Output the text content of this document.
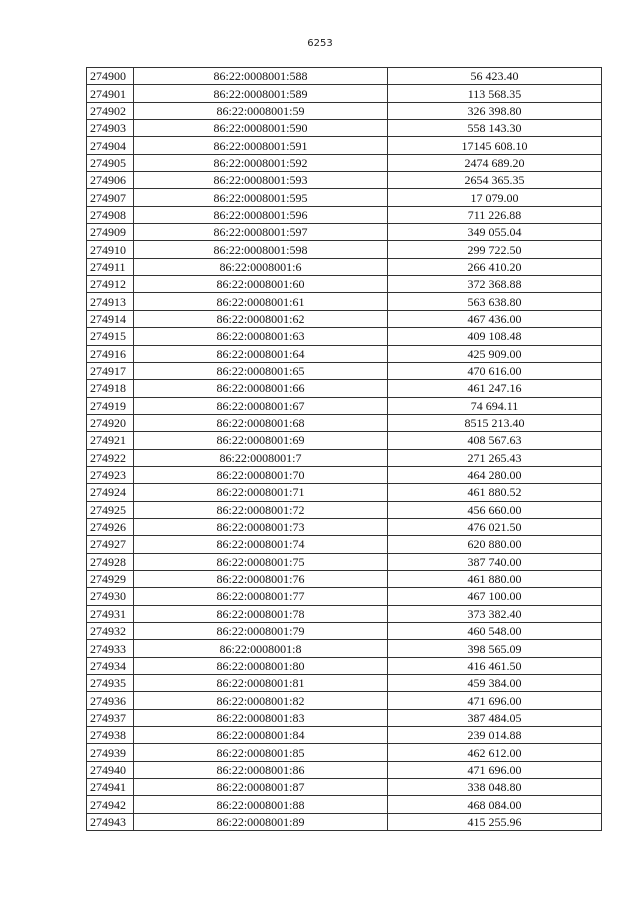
6253
274900	86:22:0008001:588	56 423.40
274901	86:22:0008001:589	113 568.35
274902	86:22:0008001:59	326 398.80
274903	86:22:0008001:590	558 143.30
274904	86:22:0008001:591	17145 608.10
274905	86:22:0008001:592	2474 689.20
274906	86:22:0008001:593	2654 365.35
274907	86:22:0008001:595	17 079.00
274908	86:22:0008001:596	711 226.88
274909	86:22:0008001:597	349 055.04
274910	86:22:0008001:598	299 722.50
274911	86:22:0008001:6	266 410.20
274912	86:22:0008001:60	372 368.88
274913	86:22:0008001:61	563 638.80
274914	86:22:0008001:62	467 436.00
274915	86:22:0008001:63	409 108.48
274916	86:22:0008001:64	425 909.00
274917	86:22:0008001:65	470 616.00
274918	86:22:0008001:66	461 247.16
274919	86:22:0008001:67	74 694.11
274920	86:22:0008001:68	8515 213.40
274921	86:22:0008001:69	408 567.63
274922	86:22:0008001:7	271 265.43
274923	86:22:0008001:70	464 280.00
274924	86:22:0008001:71	461 880.52
274925	86:22:0008001:72	456 660.00
274926	86:22:0008001:73	476 021.50
274927	86:22:0008001:74	620 880.00
274928	86:22:0008001:75	387 740.00
274929	86:22:0008001:76	461 880.00
274930	86:22:0008001:77	467 100.00
274931	86:22:0008001:78	373 382.40
274932	86:22:0008001:79	460 548.00
274933	86:22:0008001:8	398 565.09
274934	86:22:0008001:80	416 461.50
274935	86:22:0008001:81	459 384.00
274936	86:22:0008001:82	471 696.00
274937	86:22:0008001:83	387 484.05
274938	86:22:0008001:84	239 014.88
274939	86:22:0008001:85	462 612.00
274940	86:22:0008001:86	471 696.00
274941	86:22:0008001:87	338 048.80
274942	86:22:0008001:88	468 084.00
274943	86:22:0008001:89	415 255.96
